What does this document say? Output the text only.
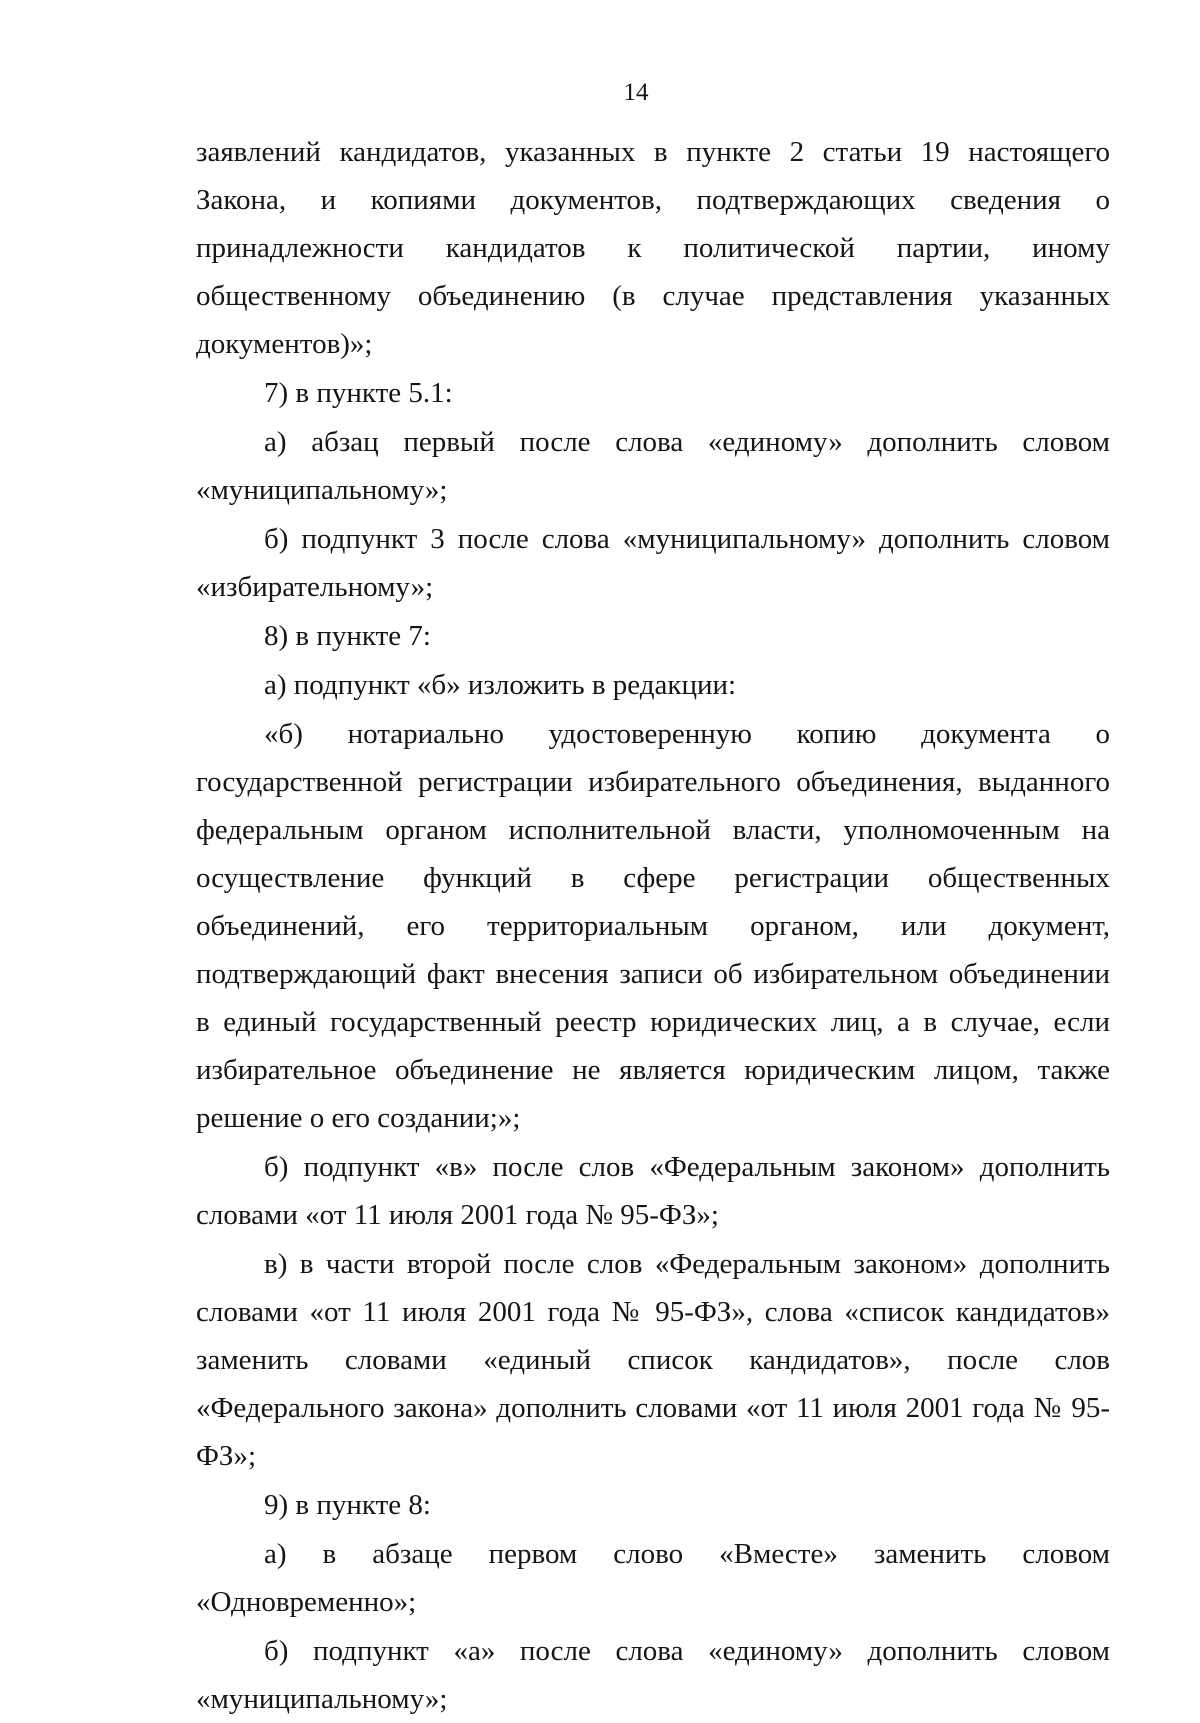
14

заявлений кандидатов, указанных в пункте 2 статьи 19 настоящего Закона, и копиями документов, подтверждающих сведения о принадлежности кандидатов к политической партии, иному общественному объединению (в случае представления указанных документов)»;

7) в пункте 5.1:

а) абзац первый после слова «единому» дополнить словом «муниципальному»;

б) подпункт 3 после слова «муниципальному» дополнить словом «избирательному»;

8) в пункте 7:

а) подпункт «б» изложить в редакции:

«б) нотариально удостоверенную копию документа о государственной регистрации избирательного объединения, выданного федеральным органом исполнительной власти, уполномоченным на осуществление функций в сфере регистрации общественных объединений, его территориальным органом, или документ, подтверждающий факт внесения записи об избирательном объединении в единый государственный реестр юридических лиц, а в случае, если избирательное объединение не является юридическим лицом, также решение о его создании;»;

б) подпункт «в» после слов «Федеральным законом» дополнить словами «от 11 июля 2001 года № 95-ФЗ»;

в) в части второй после слов «Федеральным законом» дополнить словами «от 11 июля 2001 года № 95-ФЗ», слова «список кандидатов» заменить словами «единый список кандидатов», после слов «Федерального закона» дополнить словами «от 11 июля 2001 года № 95-ФЗ»;

9) в пункте 8:

а) в абзаце первом слово «Вместе» заменить словом «Одновременно»;

б) подпункт «а» после слова «единому» дополнить словом «муниципальному»;
